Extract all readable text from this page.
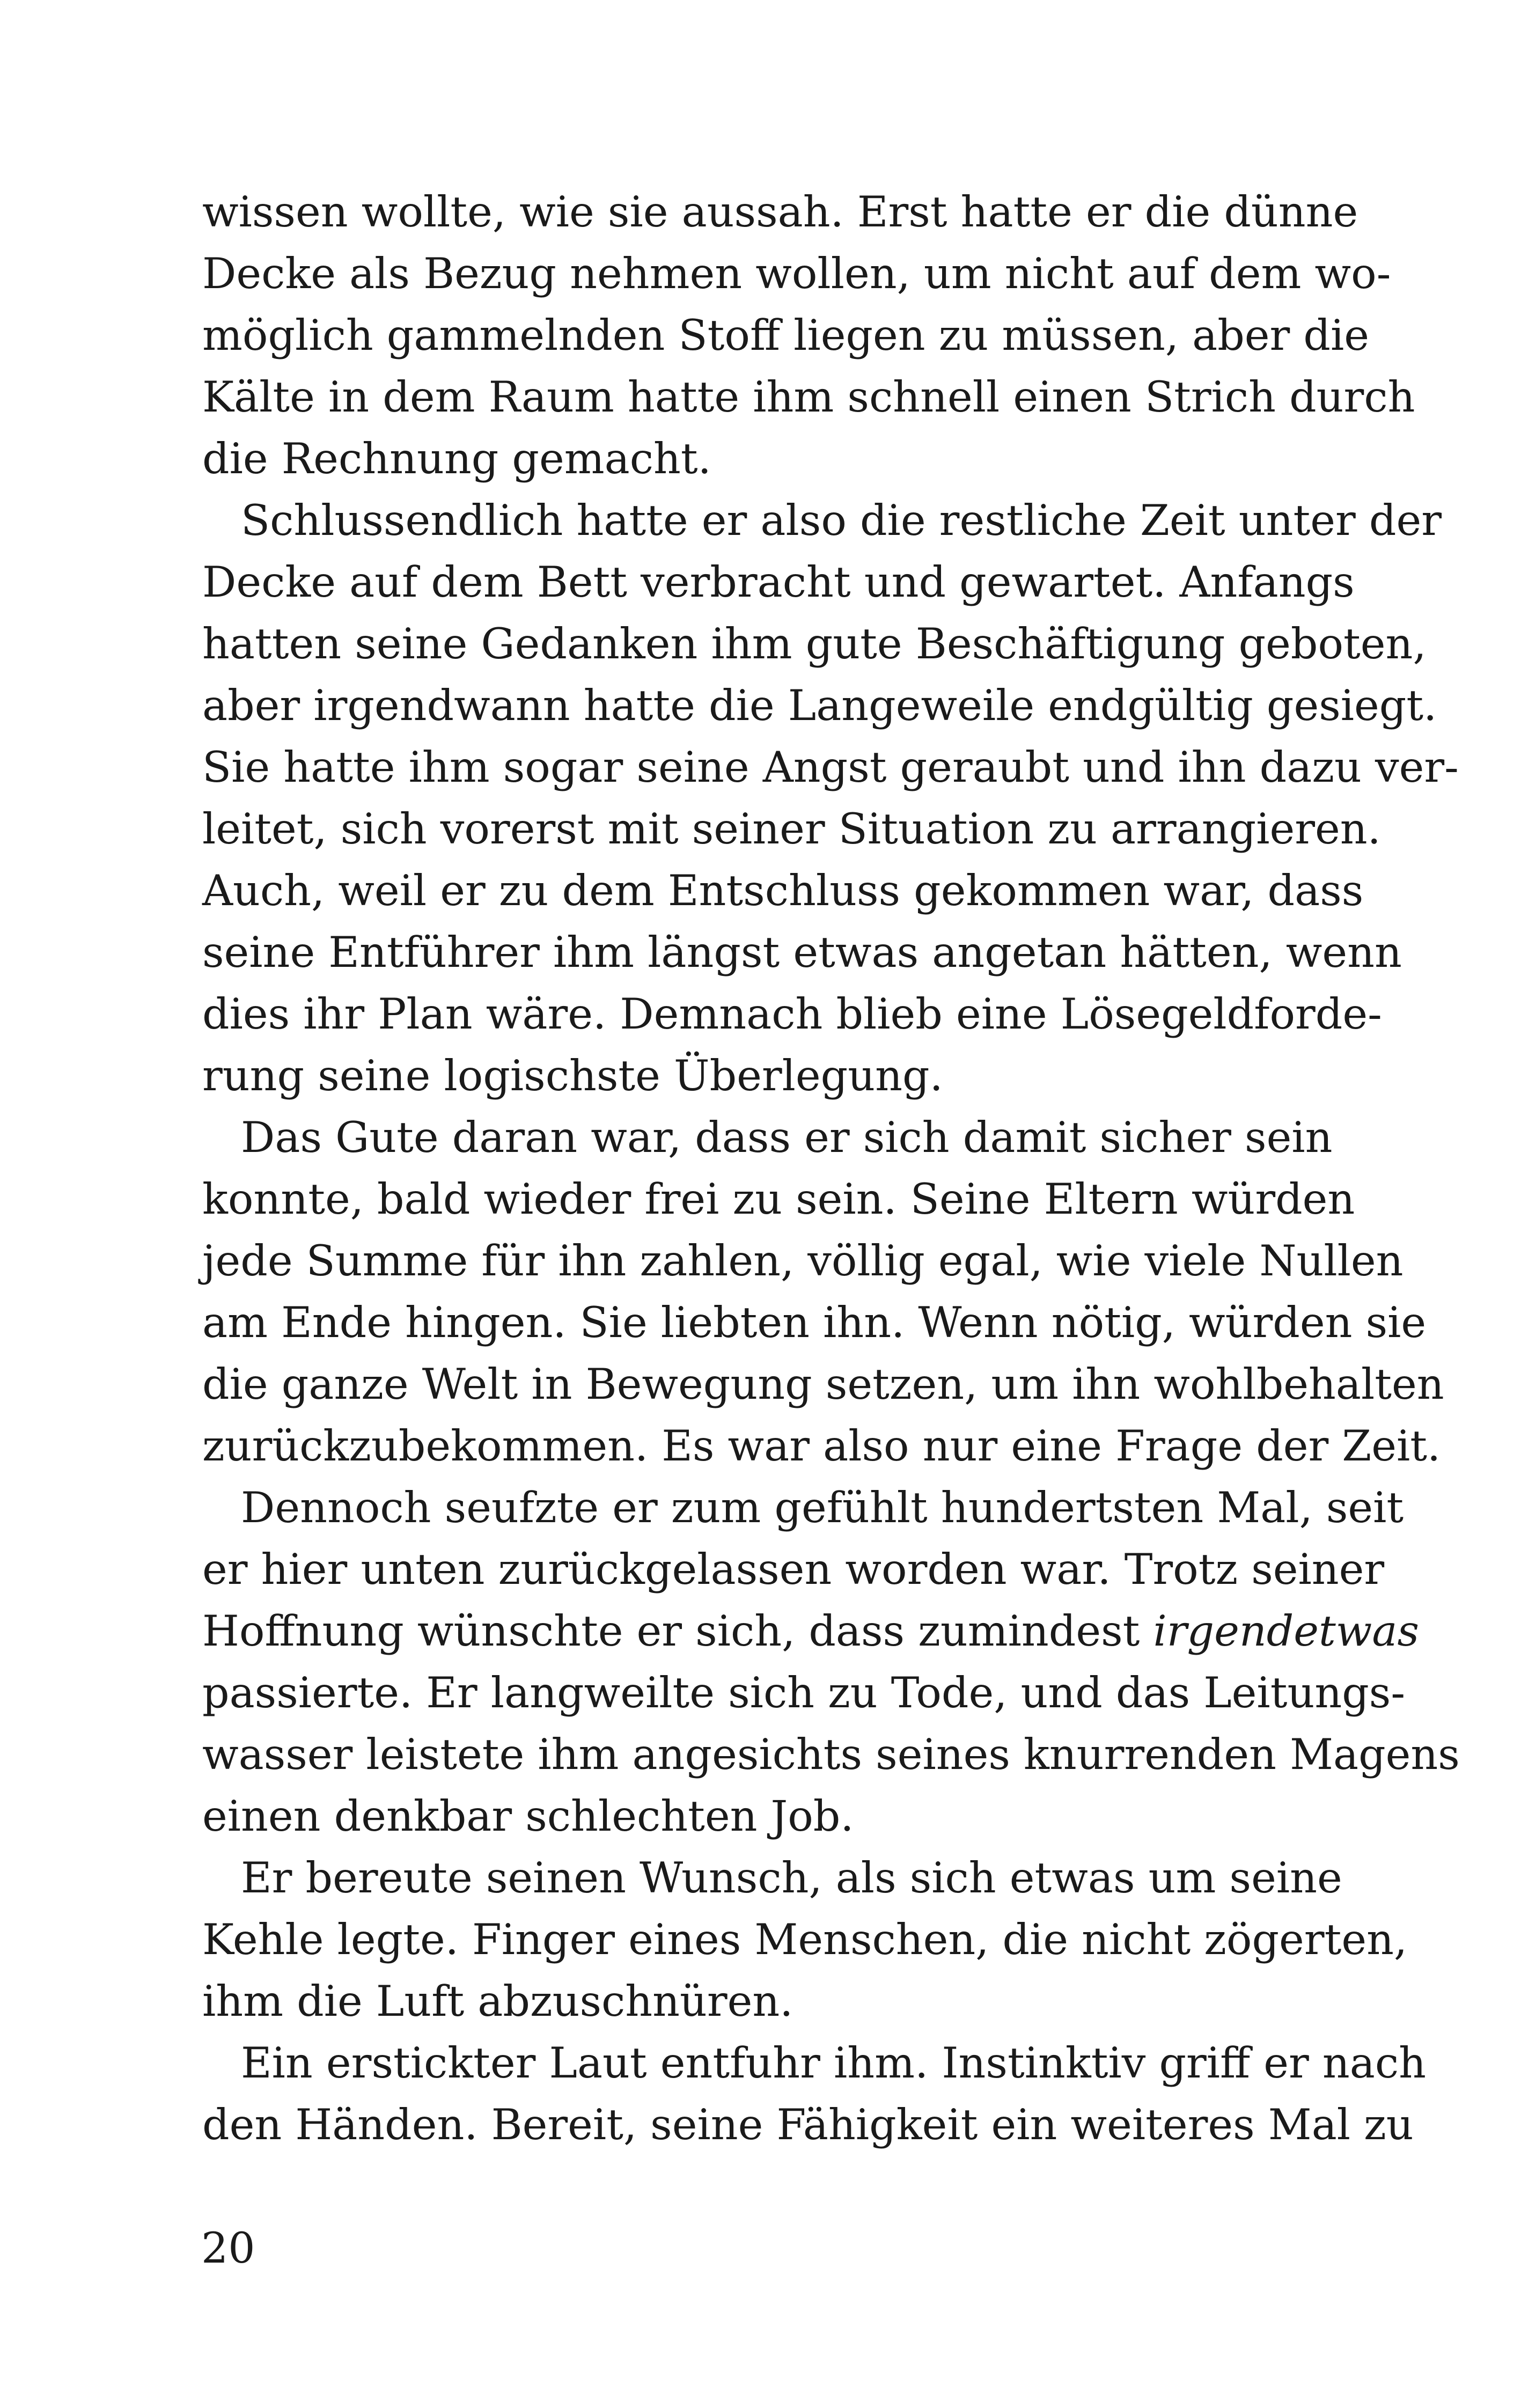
wissen wollte, wie sie aussah. Erst hatte er die dünne
Decke als Bezug nehmen wollen, um nicht auf dem wo-
möglich gammelnden Stoff liegen zu müssen, aber die
Kälte in dem Raum hatte ihm schnell einen Strich durch
die Rechnung gemacht.
Schlussendlich hatte er also die restliche Zeit unter der
Decke auf dem Bett verbracht und gewartet. Anfangs
hatten seine Gedanken ihm gute Beschäftigung geboten,
aber irgendwann hatte die Langeweile endgültig gesiegt.
Sie hatte ihm sogar seine Angst geraubt und ihn dazu ver-
leitet, sich vorerst mit seiner Situation zu arrangieren.
Auch, weil er zu dem Entschluss gekommen war, dass
seine Entführer ihm längst etwas angetan hätten, wenn
dies ihr Plan wäre. Demnach blieb eine Lösegeldforde-
rung seine logischste Überlegung.
Das Gute daran war, dass er sich damit sicher sein
konnte, bald wieder frei zu sein. Seine Eltern würden
jede Summe für ihn zahlen, völlig egal, wie viele Nullen
am Ende hingen. Sie liebten ihn. Wenn nötig, würden sie
die ganze Welt in Bewegung setzen, um ihn wohlbehalten
zurückzubekommen. Es war also nur eine Frage der Zeit.
Dennoch seufzte er zum gefühlt hundertsten Mal, seit
er hier unten zurückgelassen worden war. Trotz seiner
Hoffnung wünschte er sich, dass zumindest irgendetwas
passierte. Er langweilte sich zu Tode, und das Leitungs-
wasser leistete ihm angesichts seines knurrenden Magens
einen denkbar schlechten Job.
Er bereute seinen Wunsch, als sich etwas um seine
Kehle legte. Finger eines Menschen, die nicht zögerten,
ihm die Luft abzuschnüren.
Ein erstickter Laut entfuhr ihm. Instinktiv griff er nach
den Händen. Bereit, seine Fähigkeit ein weiteres Mal zu
20
